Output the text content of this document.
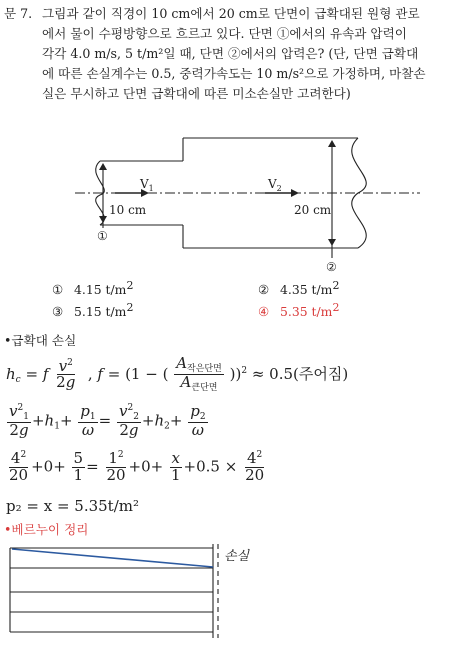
문 7. 그림과 같이 직경이 10 cm에서 20 cm로 단면이 급확대된 원형 관로
에서 물이 수평방향으로 흐르고 있다. 단면 ①에서의 유속과 압력이
각각 4.0 m/s, 5 t/m²일 때, 단면 ②에서의 압력은? (단, 단면 급확대
에 따른 손실계수는 0.5, 중력가속도는 10 m/s²으로 가정하며, 마찰손
실은 무시하고 단면 급확대에 따른 미소손실만 고려한다)
$V_1$	$V_2$
10 cm	20 cm
①
②
① 4.15 $t/m^2$	② 4.35 $t/m^2$
③ 5.15 $t/m^2$	④ 5.35 $t/m^2$
•급확대 손실
$h_c = f \frac{v^2}{2g}$ , f = (1 − ( $\frac{A_{작은단면}}{A_{큰단면}} ))^2 \approx 0.5$(주어짐)
$\frac{v^2_1}{2g} +h_1+ \frac{p_1}{\omega} = \frac{v^2_2}{2g} +h_2+ \frac{p_2}{\omega}$
$\frac{4^2}{20} +0+ \frac{5}{1} = \frac{1^2}{20} +0+ \frac{x}{1} +0.5 \times \frac{4^2}{20}$
p₂ = x = 5.35t/m²
•베르누이 정리
손실
